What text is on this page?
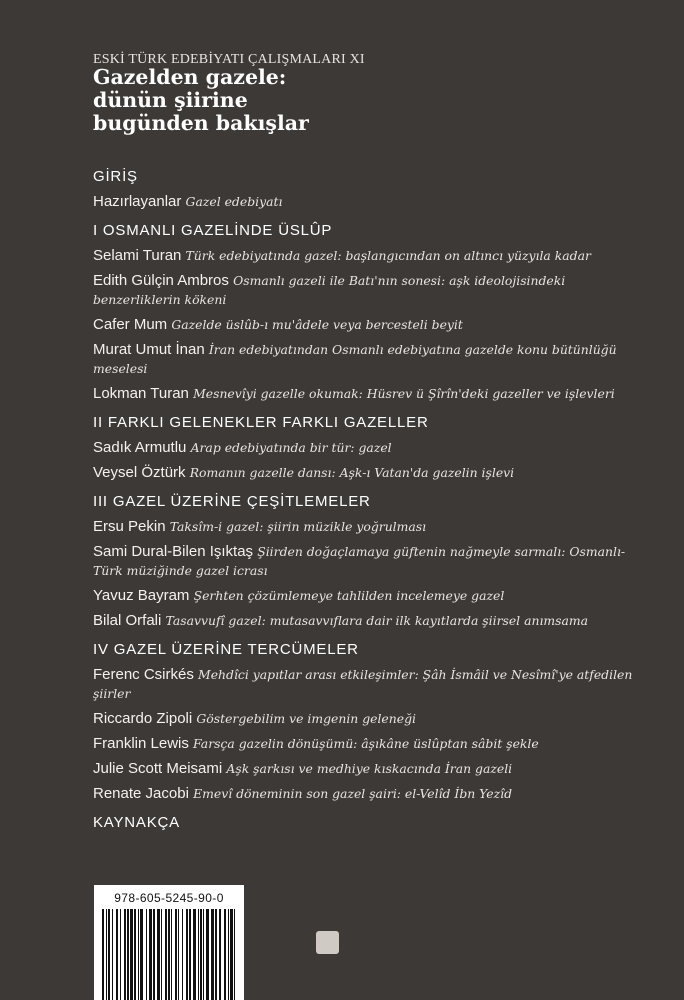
ESKİ TÜRK EDEBİYATI ÇALIŞMALARI XI
Gazelden gazele:
dünün şiirine
bugünden bakışlar
GİRİŞ
Hazırlayanlar Gazel edebiyatı
I OSMANLI GAZELİNDE ÜSLÛP
Selami Turan Türk edebiyatında gazel: başlangıcından on altıncı yüzyıla kadar
Edith Gülçin Ambros Osmanlı gazeli ile Batı'nın sonesi: aşk ideolojisindeki benzerliklerin kökeni
Cafer Mum Gazelde üslûb-ı mu'âdele veya bercesteli beyit
Murat Umut İnan İran edebiyatından Osmanlı edebiyatına gazelde konu bütünlüğü meselesi
Lokman Turan Mesnevîyi gazelle okumak: Hüsrev ü Şîrîn'deki gazeller ve işlevleri
II FARKLI GELENEKLER FARKLI GAZELLER
Sadık Armutlu Arap edebiyatında bir tür: gazel
Veysel Öztürk Romanın gazelle dansı: Aşk-ı Vatan'da gazelin işlevi
III GAZEL ÜZERİNE ÇEŞİTLEMELER
Ersu Pekin Taksîm-i gazel: şiirin müzikle yoğrulması
Sami Dural-Bilen Işıktaş Şiirden doğaçlamaya güftenin nağmeyle sarmalı: Osmanlı-Türk müziğinde gazel icrası
Yavuz Bayram Şerhten çözümlemeye tahlilden incelemeye gazel
Bilal Orfali Tasavvufî gazel: mutasavvıflara dair ilk kayıtlarda şiirsel anımsama
IV GAZEL ÜZERİNE TERCÜMELER
Ferenc Csirkés Mehdîci yapıtlar arası etkileşimler: Şâh İsmâil ve Nesîmî'ye atfedilen şiirler
Riccardo Zipoli Göstergebilim ve imgenin geleneği
Franklin Lewis Farsça gazelin dönüşümü: âşıkâne üslûptan sâbit şekle
Julie Scott Meisami Aşk şarkısı ve medhiye kıskacında İran gazeli
Renate Jacobi Emevî döneminin son gazel şairi: el-Velîd İbn Yezîd
KAYNAKÇA
978-605-5245-90-0
